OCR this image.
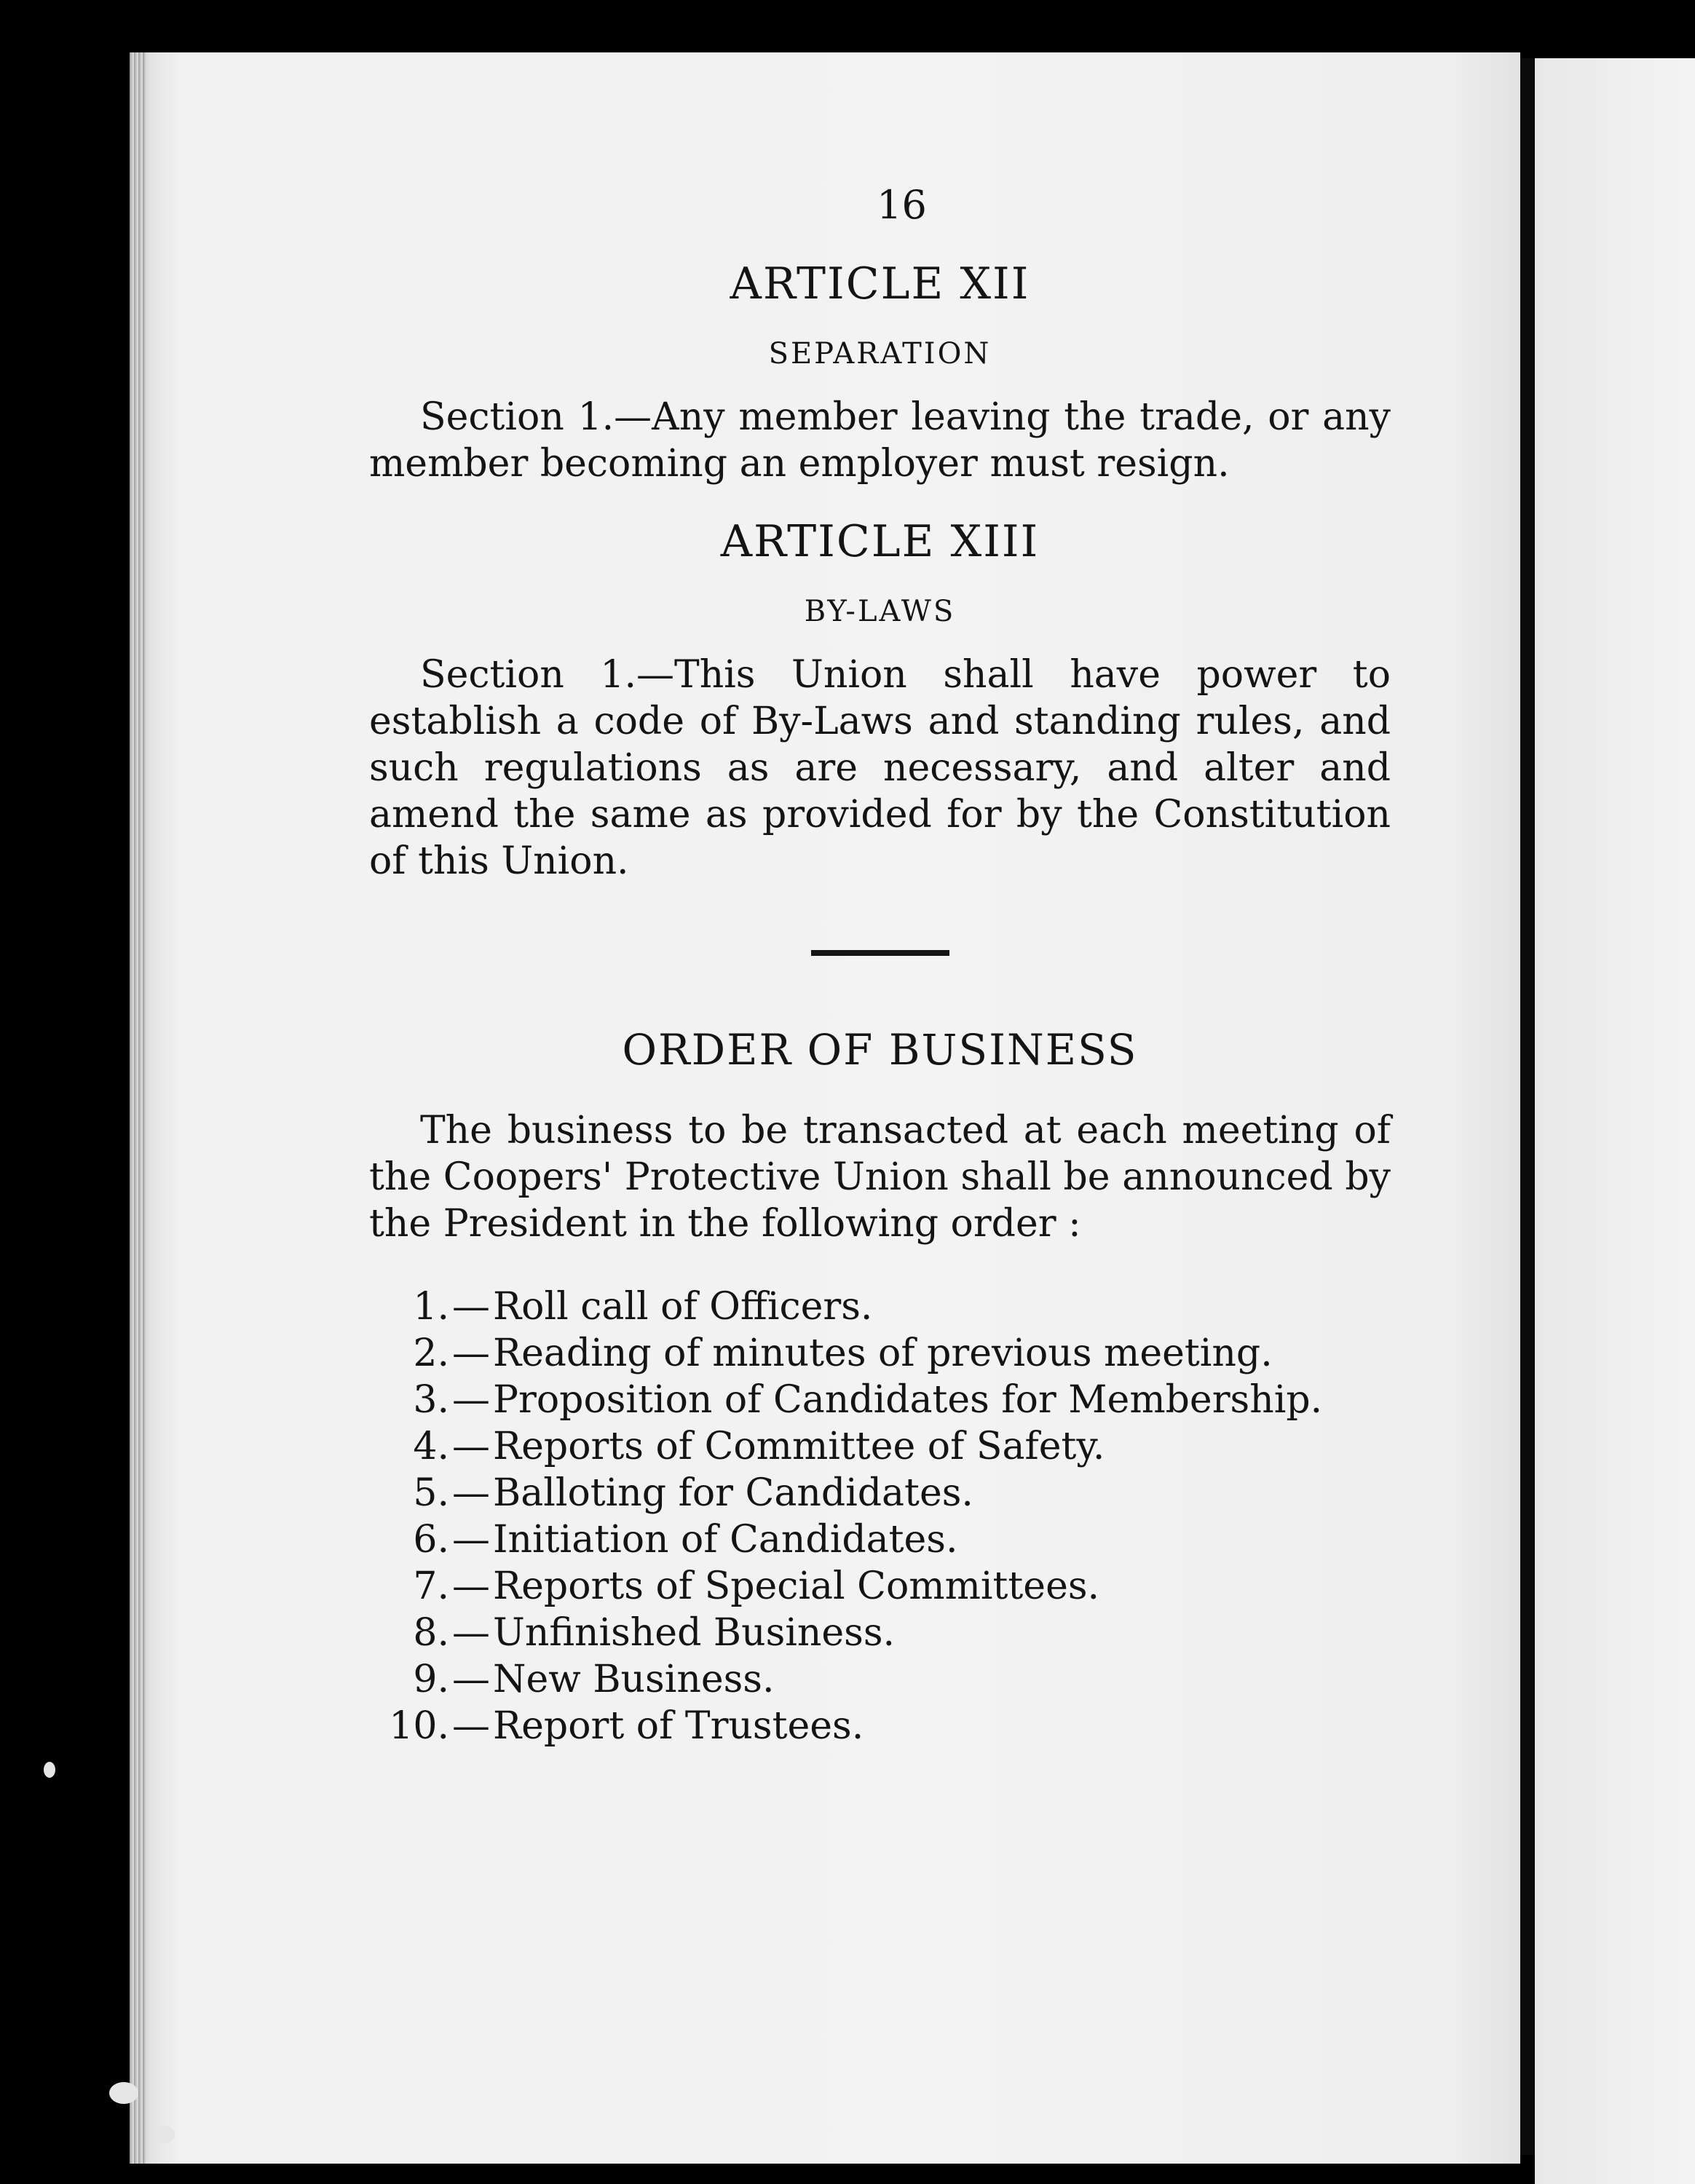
16
ARTICLE XII
SEPARATION

Section 1.—Any member leaving the trade, or any member becoming an employer must resign.

ARTICLE XIII
BY-LAWS

Section 1.—This Union shall have power to establish a code of By-Laws and standing rules, and such regulations as are necessary, and alter and amend the same as provided for by the Constitution of this Union.

ORDER OF BUSINESS

The business to be transacted at each meeting of the Coopers' Protective Union shall be announced by the President in the following order :

1. — Roll call of Officers.
2. — Reading of minutes of previous meeting.
3. — Proposition of Candidates for Membership.
4. — Reports of Committee of Safety.
5. — Balloting for Candidates.
6. — Initiation of Candidates.
7. — Reports of Special Committees.
8. — Unfinished Business.
9. — New Business.
10. — Report of Trustees.
